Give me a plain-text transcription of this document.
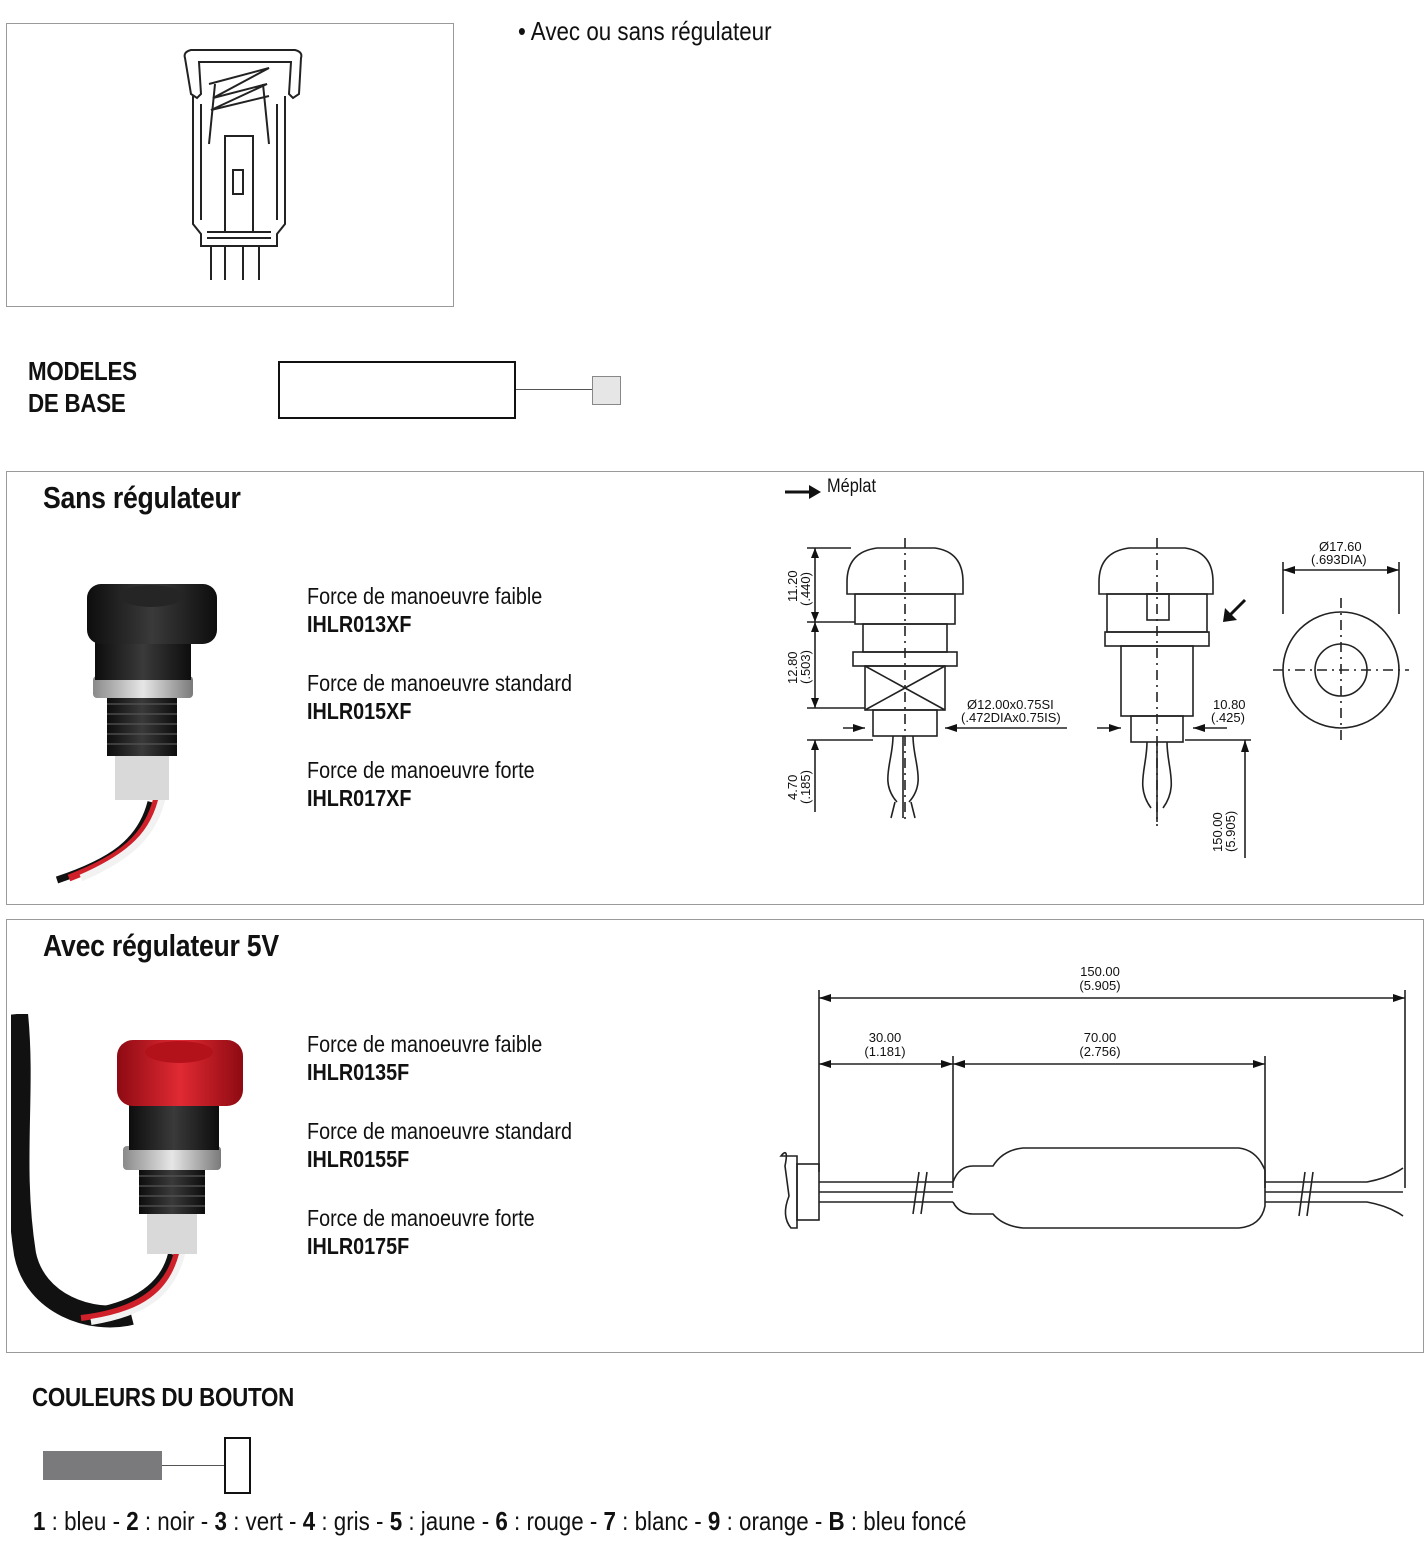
• Avec ou sans régulateur
MODELES
DE BASE
Sans régulateur
Force de manoeuvre faible
IHLR013XF
Force de manoeuvre standard
IHLR015XF
Force de manoeuvre forte
IHLR017XF
Méplat
11.20
(.440)
12.80
(.503)
4.70
(.185)
Ø12.00x0.75SI
(.472DIAx0.75IS)
10.80
(.425)
150.00
(5.905)
Ø17.60
(.693DIA)
Avec régulateur 5V
Force de manoeuvre faible
IHLR0135F
Force de manoeuvre standard
IHLR0155F
Force de manoeuvre forte
IHLR0175F
150.00
(5.905)
30.00
(1.181)
70.00
(2.756)
COULEURS DU BOUTON
1 : bleu - 2 : noir - 3 : vert - 4 : gris - 5 : jaune - 6 : rouge - 7 : blanc - 9 : orange - B : bleu foncé
